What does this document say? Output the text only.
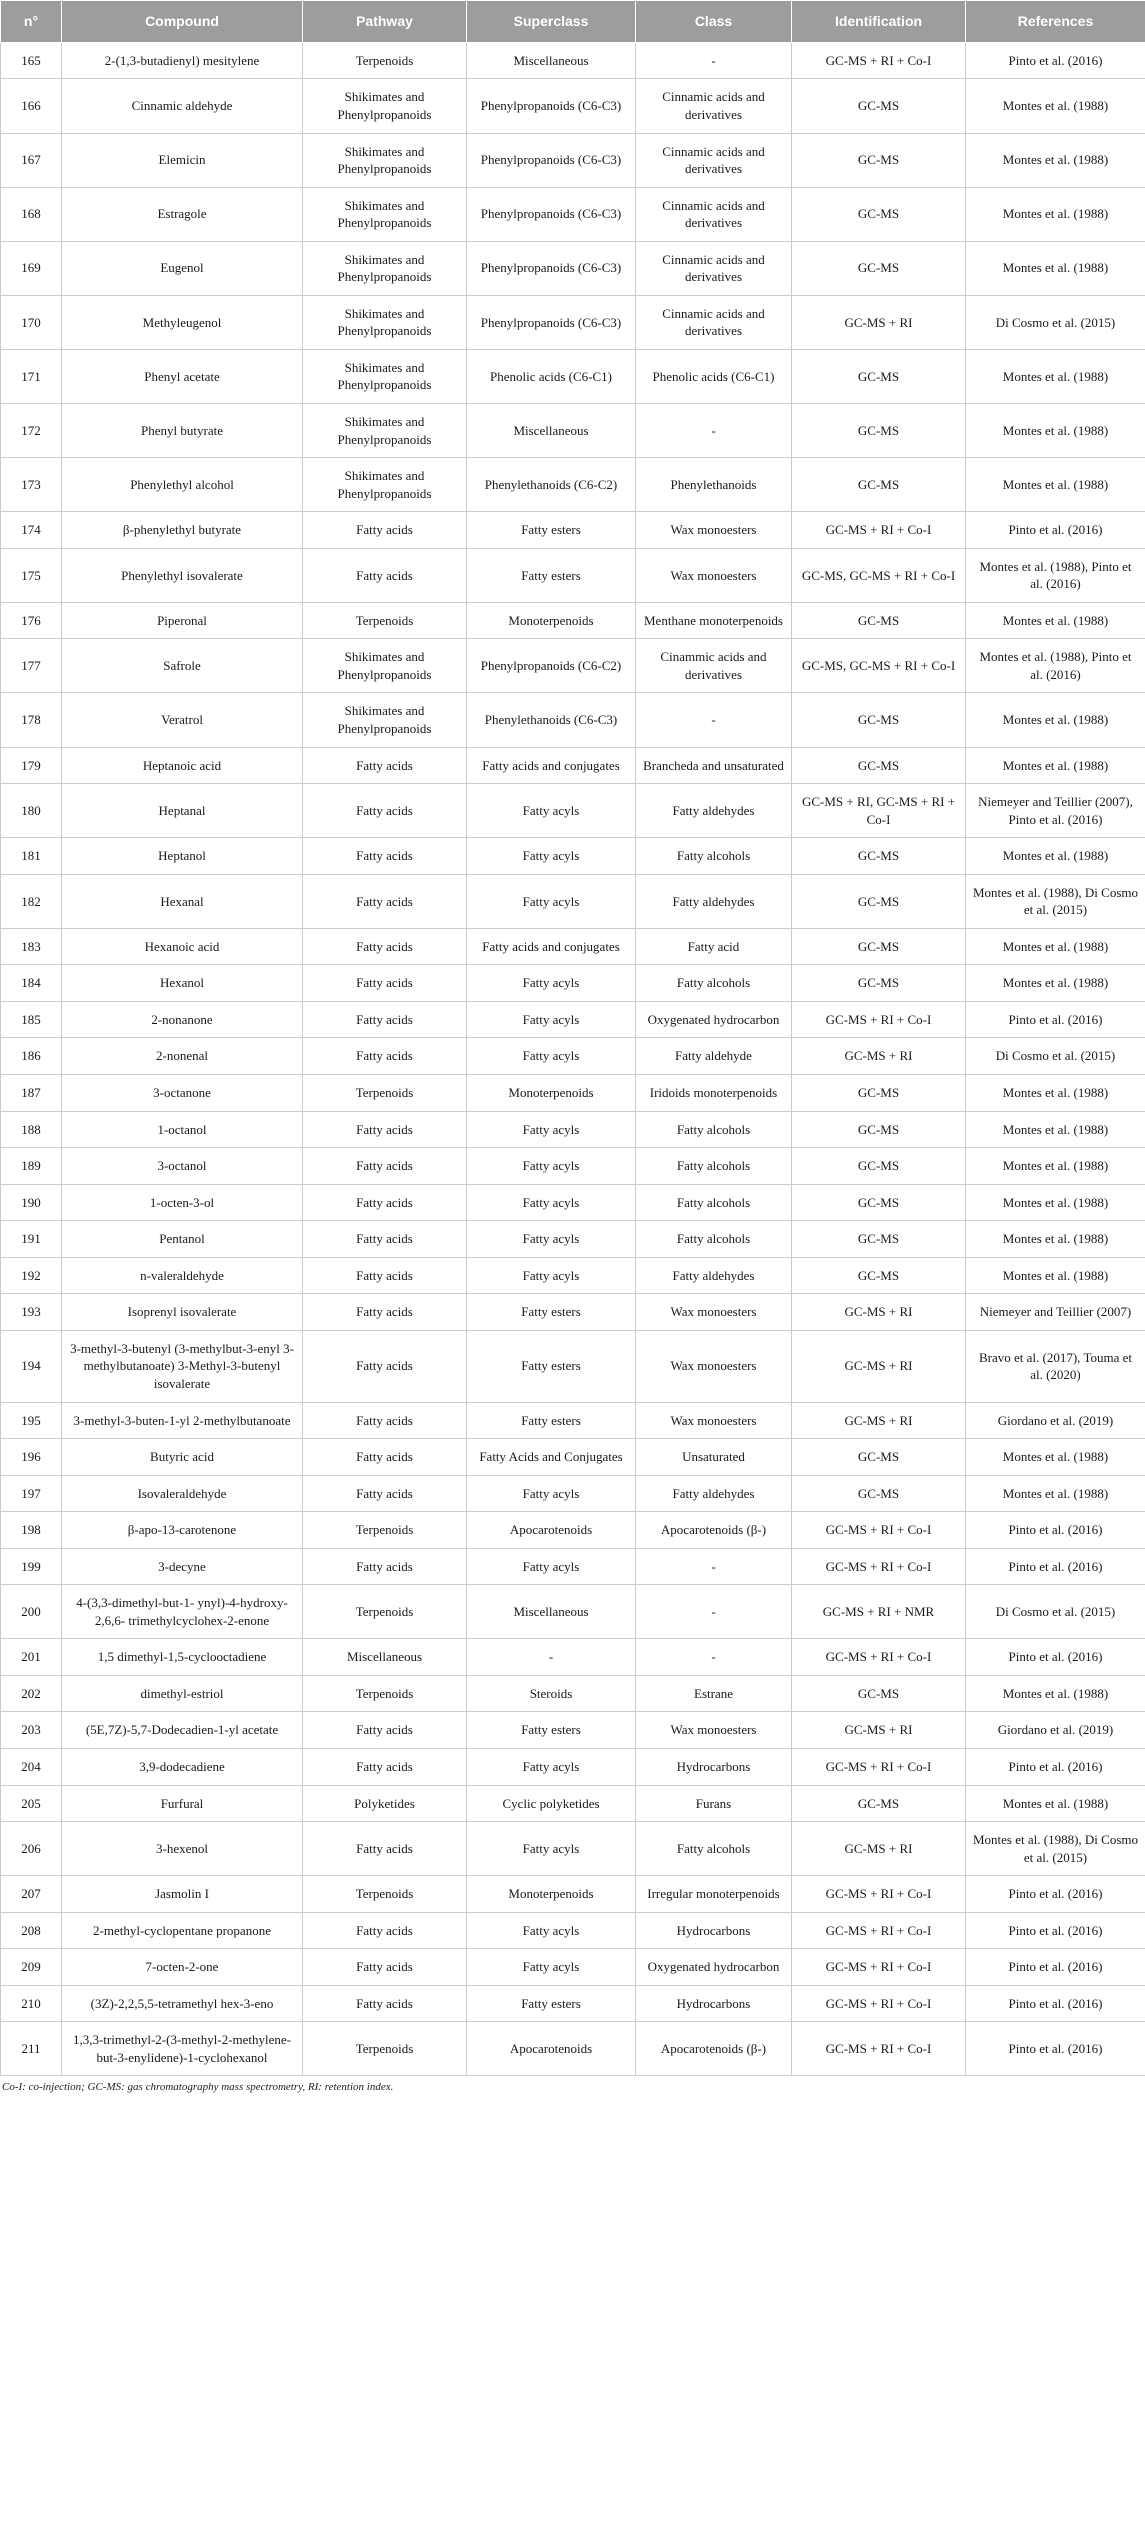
n°	Compound	Pathway	Superclass	Class	Identification	References
165	2-(1,3-butadienyl) mesitylene	Terpenoids	Miscellaneous	-	GC-MS + RI + Co-I	Pinto et al. (2016)
166	Cinnamic aldehyde	Shikimates and Phenylpropanoids	Phenylpropanoids (C6-C3)	Cinnamic acids and derivatives	GC-MS	Montes et al. (1988)
167	Elemicin	Shikimates and Phenylpropanoids	Phenylpropanoids (C6-C3)	Cinnamic acids and derivatives	GC-MS	Montes et al. (1988)
168	Estragole	Shikimates and Phenylpropanoids	Phenylpropanoids (C6-C3)	Cinnamic acids and derivatives	GC-MS	Montes et al. (1988)
169	Eugenol	Shikimates and Phenylpropanoids	Phenylpropanoids (C6-C3)	Cinnamic acids and derivatives	GC-MS	Montes et al. (1988)
170	Methyleugenol	Shikimates and Phenylpropanoids	Phenylpropanoids (C6-C3)	Cinnamic acids and derivatives	GC-MS + RI	Di Cosmo et al. (2015)
171	Phenyl acetate	Shikimates and Phenylpropanoids	Phenolic acids (C6-C1)	Phenolic acids (C6-C1)	GC-MS	Montes et al. (1988)
172	Phenyl butyrate	Shikimates and Phenylpropanoids	Miscellaneous	-	GC-MS	Montes et al. (1988)
173	Phenylethyl alcohol	Shikimates and Phenylpropanoids	Phenylethanoids (C6-C2)	Phenylethanoids	GC-MS	Montes et al. (1988)
174	β-phenylethyl butyrate	Fatty acids	Fatty esters	Wax monoesters	GC-MS + RI + Co-I	Pinto et al. (2016)
175	Phenylethyl isovalerate	Fatty acids	Fatty esters	Wax monoesters	GC-MS, GC-MS + RI + Co-I	Montes et al. (1988), Pinto et al. (2016)
176	Piperonal	Terpenoids	Monoterpenoids	Menthane monoterpenoids	GC-MS	Montes et al. (1988)
177	Safrole	Shikimates and Phenylpropanoids	Phenylpropanoids (C6-C2)	Cinammic acids and derivatives	GC-MS, GC-MS + RI + Co-I	Montes et al. (1988), Pinto et al. (2016)
178	Veratrol	Shikimates and Phenylpropanoids	Phenylethanoids (C6-C3)	-	GC-MS	Montes et al. (1988)
179	Heptanoic acid	Fatty acids	Fatty acids and conjugates	Brancheda and unsaturated	GC-MS	Montes et al. (1988)
180	Heptanal	Fatty acids	Fatty acyls	Fatty aldehydes	GC-MS + RI, GC-MS + RI + Co-I	Niemeyer and Teillier (2007), Pinto et al. (2016)
181	Heptanol	Fatty acids	Fatty acyls	Fatty alcohols	GC-MS	Montes et al. (1988)
182	Hexanal	Fatty acids	Fatty acyls	Fatty aldehydes	GC-MS	Montes et al. (1988), Di Cosmo et al. (2015)
183	Hexanoic acid	Fatty acids	Fatty acids and conjugates	Fatty acid	GC-MS	Montes et al. (1988)
184	Hexanol	Fatty acids	Fatty acyls	Fatty alcohols	GC-MS	Montes et al. (1988)
185	2-nonanone	Fatty acids	Fatty acyls	Oxygenated hydrocarbon	GC-MS + RI + Co-I	Pinto et al. (2016)
186	2-nonenal	Fatty acids	Fatty acyls	Fatty aldehyde	GC-MS + RI	Di Cosmo et al. (2015)
187	3-octanone	Terpenoids	Monoterpenoids	Iridoids monoterpenoids	GC-MS	Montes et al. (1988)
188	1-octanol	Fatty acids	Fatty acyls	Fatty alcohols	GC-MS	Montes et al. (1988)
189	3-octanol	Fatty acids	Fatty acyls	Fatty alcohols	GC-MS	Montes et al. (1988)
190	1-octen-3-ol	Fatty acids	Fatty acyls	Fatty alcohols	GC-MS	Montes et al. (1988)
191	Pentanol	Fatty acids	Fatty acyls	Fatty alcohols	GC-MS	Montes et al. (1988)
192	n-valeraldehyde	Fatty acids	Fatty acyls	Fatty aldehydes	GC-MS	Montes et al. (1988)
193	Isoprenyl isovalerate	Fatty acids	Fatty esters	Wax monoesters	GC-MS + RI	Niemeyer and Teillier (2007)
194	3-methyl-3-butenyl (3-methylbut-3-enyl 3-methylbutanoate) 3-Methyl-3-butenyl isovalerate	Fatty acids	Fatty esters	Wax monoesters	GC-MS + RI	Bravo et al. (2017), Touma et al. (2020)
195	3-methyl-3-buten-1-yl 2-methylbutanoate	Fatty acids	Fatty esters	Wax monoesters	GC-MS + RI	Giordano et al. (2019)
196	Butyric acid	Fatty acids	Fatty Acids and Conjugates	Unsaturated	GC-MS	Montes et al. (1988)
197	Isovaleraldehyde	Fatty acids	Fatty acyls	Fatty aldehydes	GC-MS	Montes et al. (1988)
198	β-apo-13-carotenone	Terpenoids	Apocarotenoids	Apocarotenoids (β-)	GC-MS + RI + Co-I	Pinto et al. (2016)
199	3-decyne	Fatty acids	Fatty acyls	-	GC-MS + RI + Co-I	Pinto et al. (2016)
200	4-(3,3-dimethyl-but-1- ynyl)-4-hydroxy-2,6,6- trimethylcyclohex-2-enone	Terpenoids	Miscellaneous	-	GC-MS + RI + NMR	Di Cosmo et al. (2015)
201	1,5 dimethyl-1,5-cyclooctadiene	Miscellaneous	-	-	GC-MS + RI + Co-I	Pinto et al. (2016)
202	dimethyl-estriol	Terpenoids	Steroids	Estrane	GC-MS	Montes et al. (1988)
203	(5E,7Z)-5,7-Dodecadien-1-yl acetate	Fatty acids	Fatty esters	Wax monoesters	GC-MS + RI	Giordano et al. (2019)
204	3,9-dodecadiene	Fatty acids	Fatty acyls	Hydrocarbons	GC-MS + RI + Co-I	Pinto et al. (2016)
205	Furfural	Polyketides	Cyclic polyketides	Furans	GC-MS	Montes et al. (1988)
206	3-hexenol	Fatty acids	Fatty acyls	Fatty alcohols	GC-MS + RI	Montes et al. (1988), Di Cosmo et al. (2015)
207	Jasmolin I	Terpenoids	Monoterpenoids	Irregular monoterpenoids	GC-MS + RI + Co-I	Pinto et al. (2016)
208	2-methyl-cyclopentane propanone	Fatty acids	Fatty acyls	Hydrocarbons	GC-MS + RI + Co-I	Pinto et al. (2016)
209	7-octen-2-one	Fatty acids	Fatty acyls	Oxygenated hydrocarbon	GC-MS + RI + Co-I	Pinto et al. (2016)
210	(3Z)-2,2,5,5-tetramethyl hex-3-eno	Fatty acids	Fatty esters	Hydrocarbons	GC-MS + RI + Co-I	Pinto et al. (2016)
211	1,3,3-trimethyl-2-(3-methyl-2-methylene-but-3-enylidene)-1-cyclohexanol	Terpenoids	Apocarotenoids	Apocarotenoids (β-)	GC-MS + RI + Co-I	Pinto et al. (2016)
Co-I: co-injection; GC-MS: gas chromatography mass spectrometry, RI: retention index.
